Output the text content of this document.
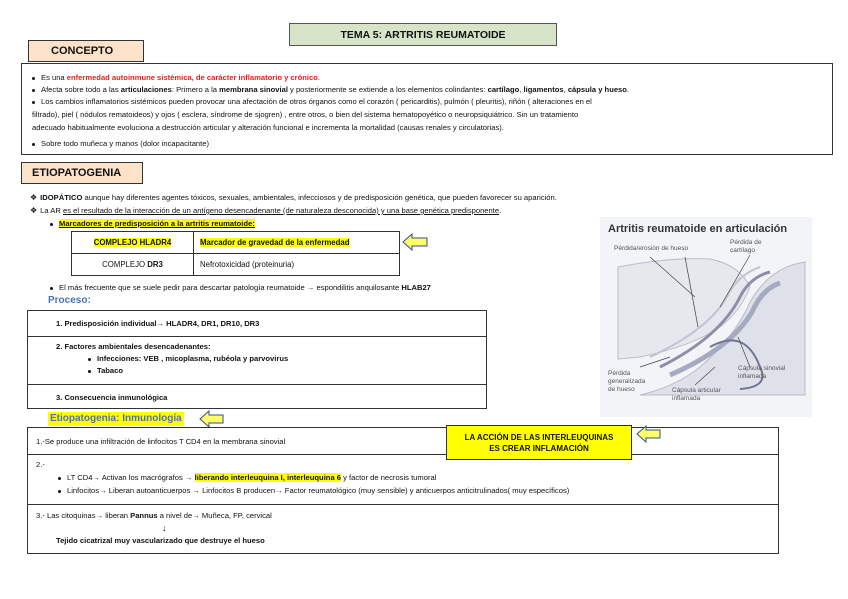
TEMA 5: ARTRITIS REUMATOIDE
CONCEPTO
Es una enfermedad autoinmune sistémica, de carácter inflamatorio y crónico.
Afecta sobre todo a las articulaciones: Primero a la membrana sinovial y posteriormente se extiende a los elementos colindantes: cartílago, ligamentos, cápsula y hueso.
Los cambios inflamatorios sistémicos pueden provocar una afectación de otros órganos como el corazón ( pericarditis), pulmón ( pleuritis), riñón ( alteraciones en el
filtrado), piel ( nódulos rematoideos) y ojos ( esclera, síndrome de sjogren) , entre otros, o bien del sistema hematopoyético o neuropsiquiátrico. Sin un tratamiento
adecuado habitualmente evoluciona a destrucción articular y alteración funcional e incrementa la mortalidad (causas renales y circulatorias).
Sobre todo muñeca y manos (dolor incapacitante)
ETIOPATOGENIA
❖ IDOPÁTICO aunque hay diferentes agentes tóxicos, sexuales, ambientales, infecciosos y de predisposición genética, que pueden favorecer su aparición.
❖ La AR es el resultado de la interacción de un antígeno desencadenante (de naturaleza desconocida) y una base genética predisponente.
Marcadores de predisposición a la artritis reumatoide:
COMPLEJO HLADR4	Marcador de gravedad de la enfermedad
COMPLEJO DR3	Nefrotoxicidad (proteinuria)
El más frecuente que se suele pedir para descartar patología reumatoide → espondilitis anquilosante HLAB27
Proceso:
1. Predisposición individual→ HLADR4, DR1, DR10, DR3
2. Factores ambientales desencadenantes:
Infecciones: VEB , micoplasma, rubéola y parvovirus
Tabaco
3. Consecuencia inmunológica
Etiopatogenia: Inmunología
1.-Se produce una infiltración de linfocitos T CD4 en la membrana sinovial
2.-
LT CD4→ Activan los macrógrafos → liberando interleuquina I, interleuquina 6 y factor de necrosis tumoral
Linfocitos→ Liberan autoanticuerpos → Linfocitos B producen→ Factor reumatológico (muy sensible) y anticuerpos anticitrulinados( muy específicos)
3.- Las citoquinas→ liberan Pannus a nivel de→ Muñeca, FP, cervical
↓
Tejido cicatrizal muy vascularizado que destruye el hueso
LA ACCIÓN DE LAS INTERLEUQUINAS
ES CREAR INFLAMACIÓN
Artritis reumatoide en articulación
Pérdida/erosión de hueso
Pérdida de
cartílago
Cápsula sinovial
inflamada
Pérdida
generalizada
de hueso	Cápsula articular
inflamada
